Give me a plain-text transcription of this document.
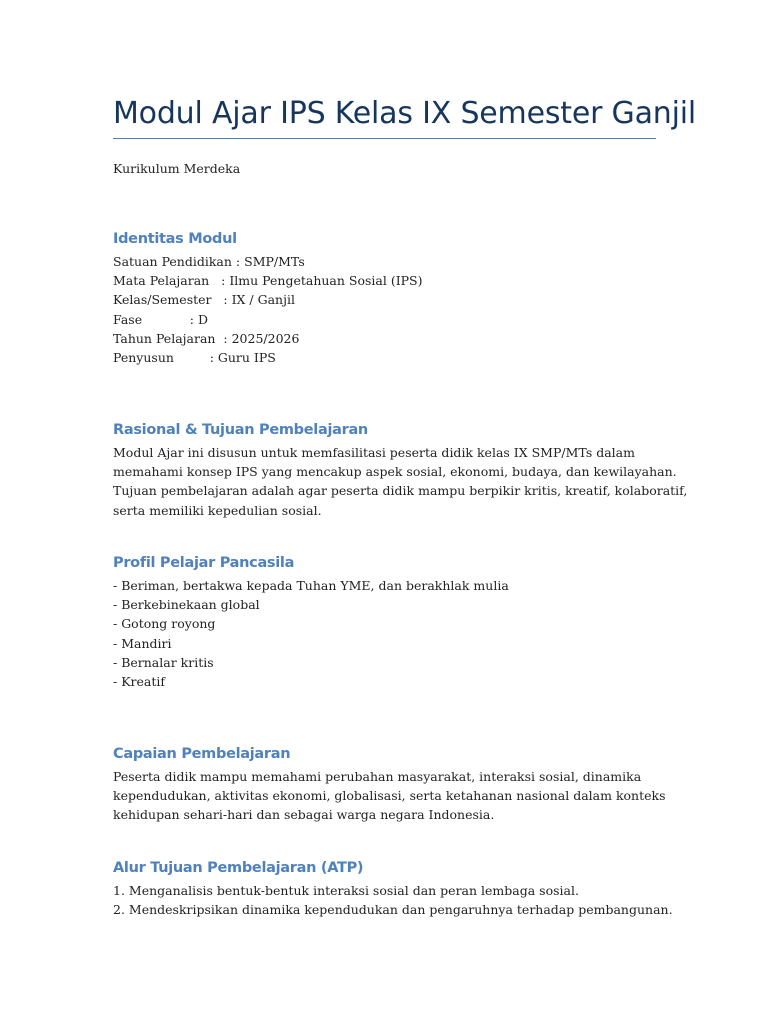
Modul Ajar IPS Kelas IX Semester Ganjil
Kurikulum Merdeka
Identitas Modul
Satuan Pendidikan : SMP/MTs
Mata Pelajaran   : Ilmu Pengetahuan Sosial (IPS)
Kelas/Semester   : IX / Ganjil
Fase            : D
Tahun Pelajaran  : 2025/2026
Penyusun         : Guru IPS
Rasional & Tujuan Pembelajaran
Modul Ajar ini disusun untuk memfasilitasi peserta didik kelas IX SMP/MTs dalam
memahami konsep IPS yang mencakup aspek sosial, ekonomi, budaya, dan kewilayahan.
Tujuan pembelajaran adalah agar peserta didik mampu berpikir kritis, kreatif, kolaboratif,
serta memiliki kepedulian sosial.
Profil Pelajar Pancasila
- Beriman, bertakwa kepada Tuhan YME, dan berakhlak mulia
- Berkebinekaan global
- Gotong royong
- Mandiri
- Bernalar kritis
- Kreatif
Capaian Pembelajaran
Peserta didik mampu memahami perubahan masyarakat, interaksi sosial, dinamika
kependudukan, aktivitas ekonomi, globalisasi, serta ketahanan nasional dalam konteks
kehidupan sehari-hari dan sebagai warga negara Indonesia.
Alur Tujuan Pembelajaran (ATP)
1. Menganalisis bentuk-bentuk interaksi sosial dan peran lembaga sosial.
2. Mendeskripsikan dinamika kependudukan dan pengaruhnya terhadap pembangunan.
